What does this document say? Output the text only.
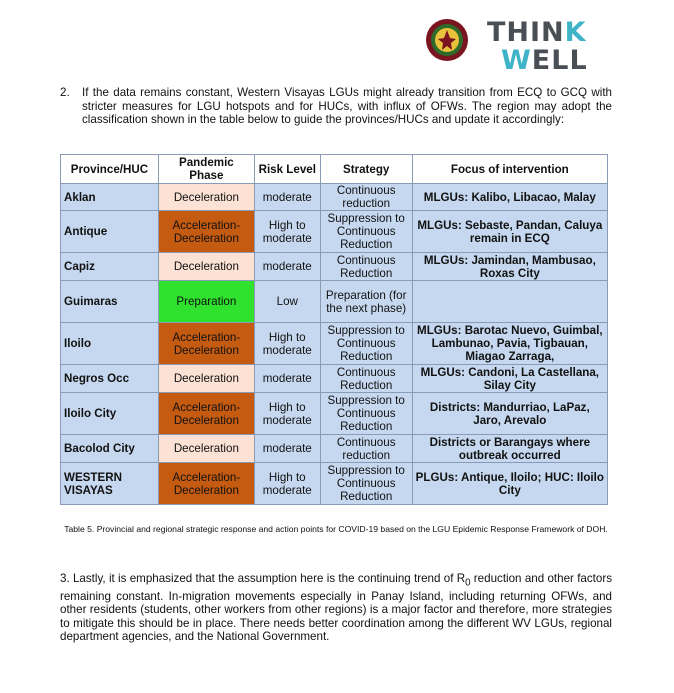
THINK
WELL
2. If the data remains constant, Western Visayas LGUs might already transition from ECQ to GCQ with stricter measures for LGU hotspots and for HUCs, with influx of OFWs. The region may adopt the classification shown in the table below to guide the provinces/HUCs and update it accordingly:
Province/HUC	Pandemic Phase	Risk Level	Strategy	Focus of intervention
Aklan	Deceleration	moderate	Continuous reduction	MLGUs: Kalibo, Libacao, Malay
Antique	Acceleration-Deceleration	High to moderate	Suppression to Continuous Reduction	MLGUs: Sebaste, Pandan, Caluya remain in ECQ
Capiz	Deceleration	moderate	Continuous Reduction	MLGUs: Jamindan, Mambusao, Roxas City
Guimaras	Preparation	Low	Preparation (for the next phase)	
Iloilo	Acceleration-Deceleration	High to moderate	Suppression to Continuous Reduction	MLGUs: Barotac Nuevo, Guimbal, Lambunao, Pavia, Tigbauan, Miagao Zarraga,
Negros Occ	Deceleration	moderate	Continuous Reduction	MLGUs: Candoni, La Castellana, Silay City
Iloilo City	Acceleration-Deceleration	High to moderate	Suppression to Continuous Reduction	Districts: Mandurriao, LaPaz, Jaro, Arevalo
Bacolod City	Deceleration	moderate	Continuous reduction	Districts or Barangays where outbreak occurred
WESTERN VISAYAS	Acceleration-Deceleration	High to moderate	Suppression to Continuous Reduction	PLGUs: Antique, Iloilo; HUC: Iloilo City
Table 5. Provincial and regional strategic response and action points for COVID-19 based on the LGU Epidemic Response Framework of DOH.
3. Lastly, it is emphasized that the assumption here is the continuing trend of $R_0$ reduction and other factors remaining constant. In-migration movements especially in Panay Island, including returning OFWs, and other residents (students, other workers from other regions) is a major factor and therefore, more strategies to mitigate this should be in place. There needs better coordination among the different WV LGUs, regional department agencies, and the National Government.
